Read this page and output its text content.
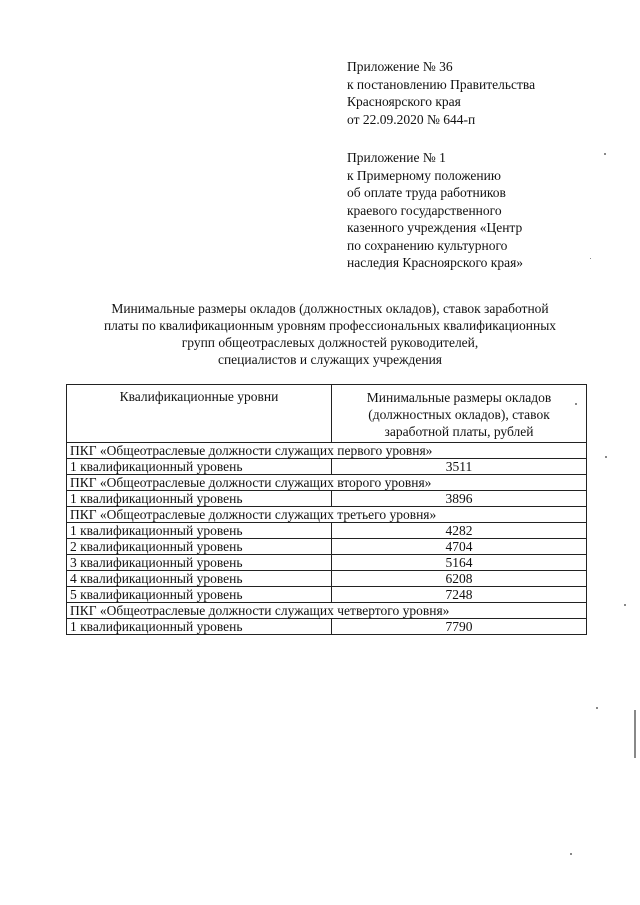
Приложение № 36
к постановлению Правительства
Красноярского края
от 22.09.2020 № 644-п
Приложение № 1
к Примерному положению
об оплате труда работников
краевого государственного
казенного учреждения «Центр
по сохранению культурного
наследия Красноярского края»
Минимальные размеры окладов (должностных окладов), ставок заработной
платы по квалификационным уровням профессиональных квалификационных
групп общеотраслевых должностей руководителей,
специалистов и служащих учреждения
Квалификационные уровни	Минимальные размеры окладов
(должностных окладов), ставок
заработной платы, рублей

ПКГ «Общеотраслевые должности служащих первого уровня»	
1 квалификационный уровень	3511
ПКГ «Общеотраслевые должности служащих второго уровня»	
1 квалификационный уровень	3896
ПКГ «Общеотраслевые должности служащих третьего уровня»	
1 квалификационный уровень	4282
2 квалификационный уровень	4704
3 квалификационный уровень	5164
4 квалификационный уровень	6208
5 квалификационный уровень	7248
ПКГ «Общеотраслевые должности служащих четвертого уровня»	
1 квалификационный уровень	7790
